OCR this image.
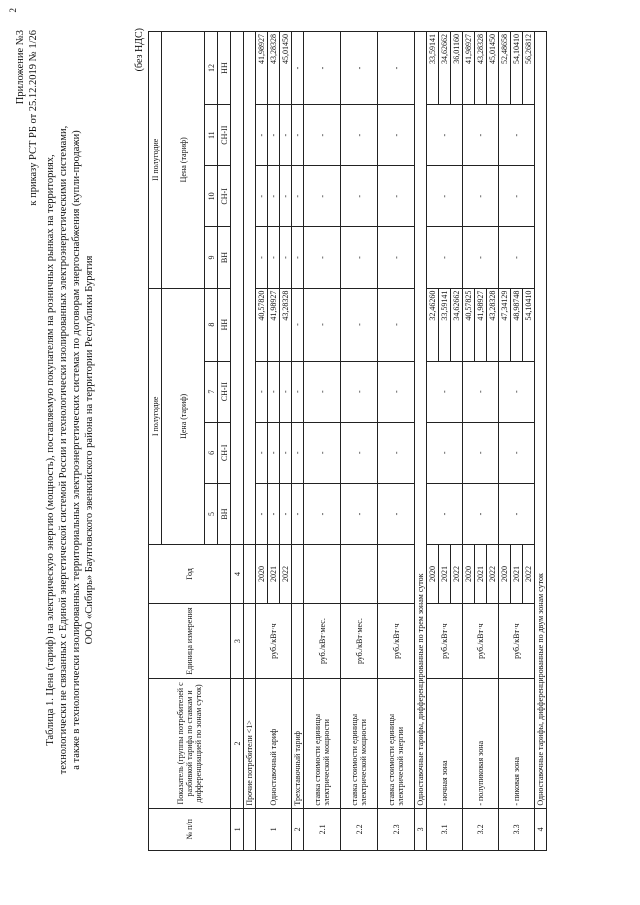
2
Приложение №3 к приказу РСТ РБ от 25.12.2019 № 1/26
Таблица 1. Цена (тариф) на электрическую энергию (мощность), поставляемую покупателям на розничных рынках на территориях, технологически не связанных с Единой энергетической системой России и технологически изолированных электроэнергетическими системами, а также в технологически изолированных территориальных электроэнергетических системах по договорам энергоснабжения (купли-продажи) ООО «Сибирь» Баунтовского эвенкийского района на территории Республики Бурятия
(без НДС)
№ п/п	Показатель (группы потребителей с разбивкой тарифа по ставкам и дифференциацией по зонам суток)	Единица измерения	Год	I полугодие				II полугодие			
				Цена (тариф)				Цена (тариф)			
				5	6	7	8	9	10	11	12
				ВН	СН-I	СН-II	НН	ВН	СН-I	СН-II	НН
1	2	3	4								
	Прочие потребители <1>										
1	Одноставочный тариф	руб./кВт·ч	2020	-	-	-	40,57820	-	-	-	41,98927
			2021	-	-	-	41,98927	-	-	-	43,28328
			2022	-	-	-	43,28328	-	-	-	45,01450
2	Трехставочный тариф			-	-	-	-	-	-	-	-
2.1	ставка стоимости единицы электрической мощности	руб./кВт·мес.		-	-	-	-	-	-	-	-
2.2	ставка стоимости единицы электрической мощности	руб./кВт·мес.		-	-	-	-	-	-	-	-
2.3	ставка стоимости единицы электрической энергии	руб./кВт·ч		-	-	-	-	-	-	-	-
3	Одноставочные тарифы, дифференцированные по трем зонам суток										
3.1	- ночная зона	руб./кВт·ч	2020	-	-	-	32,46260	-	-	-	33,59141
			2021				33,59141				34,62662
			2022				34,62662				36,01160
3.2	- полупиковая зона	руб./кВт·ч	2020	-	-	-	40,57825	-	-	-	41,98927
			2021				41,98927				43,28328
			2022				43,28328				45,01450
3.3	- пиковая зона	руб./кВт·ч	2020	-	-	-	47,34129	-	-	-	52,48658
			2021				48,98748				54,10410
			2022				54,10410				56,26812
4	Одноставочные тарифы, дифференцированные по двум зонам суток										
